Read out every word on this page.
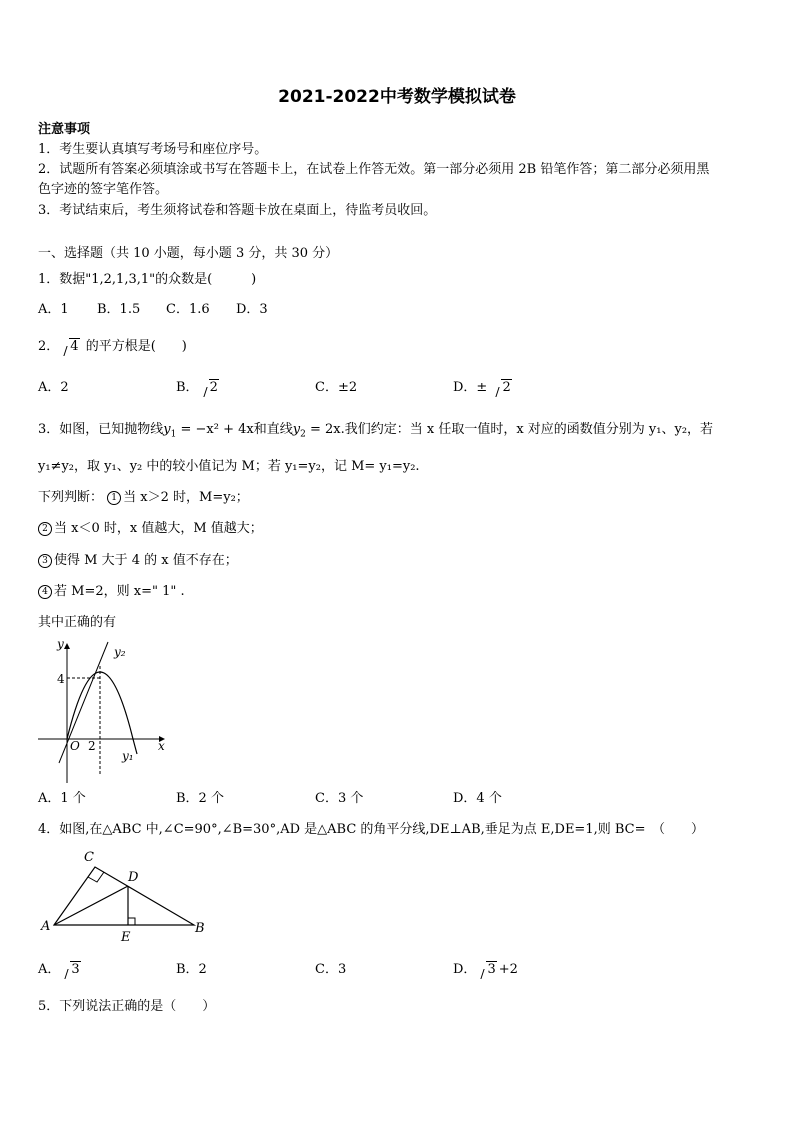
2021-2022中考数学模拟试卷
注意事项
1．考生要认真填写考场号和座位序号。
2．试题所有答案必须填涂或书写在答题卡上，在试卷上作答无效。第一部分必须用 2B 铅笔作答；第二部分必须用黑
色字迹的签字笔作答。
3．考试结束后，考生须将试卷和答题卡放在桌面上，待监考员收回。
一、选择题（共 10 小题，每小题 3 分，共 30 分）
1．数据"1,2,1,3,1"的众数是(　　　)
A．1 B．1.5 C．1.6 D．3
2． 4 的平方根是(　　)
A．2	B． 2	C．±2	D．± 2
3．如图，已知抛物线$y_1 = -x^2 + 4x$和直线$y_2 = 2x$.我们约定：当 x 任取一值时，x 对应的函数值分别为 y₁、y₂，若
y₁≠y₂，取 y₁、y₂ 中的较小值记为 M；若 y₁=y₂，记 M= y₁=y₂.
下列判断： 1 当 x＞2 时，M=y₂；
2 当 x＜0 时，x 值越大，M 值越大；
3 使得 M 大于 4 的 x 值不存在；
4 若 M=2，则 x=" 1" .
其中正确的有
y
x
O 2
4
y₂
y₁
A．1 个	B．2 个	C．3 个	D．4 个
4．如图,在△ABC 中,∠C=90°,∠B=30°,AD 是△ABC 的角平分线,DE⊥AB,垂足为点 E,DE=1,则 BC=　（　　）
C
D
A	B
E
A． 3	B．2	C．3	D． 3 +2
5．下列说法正确的是（　　）
